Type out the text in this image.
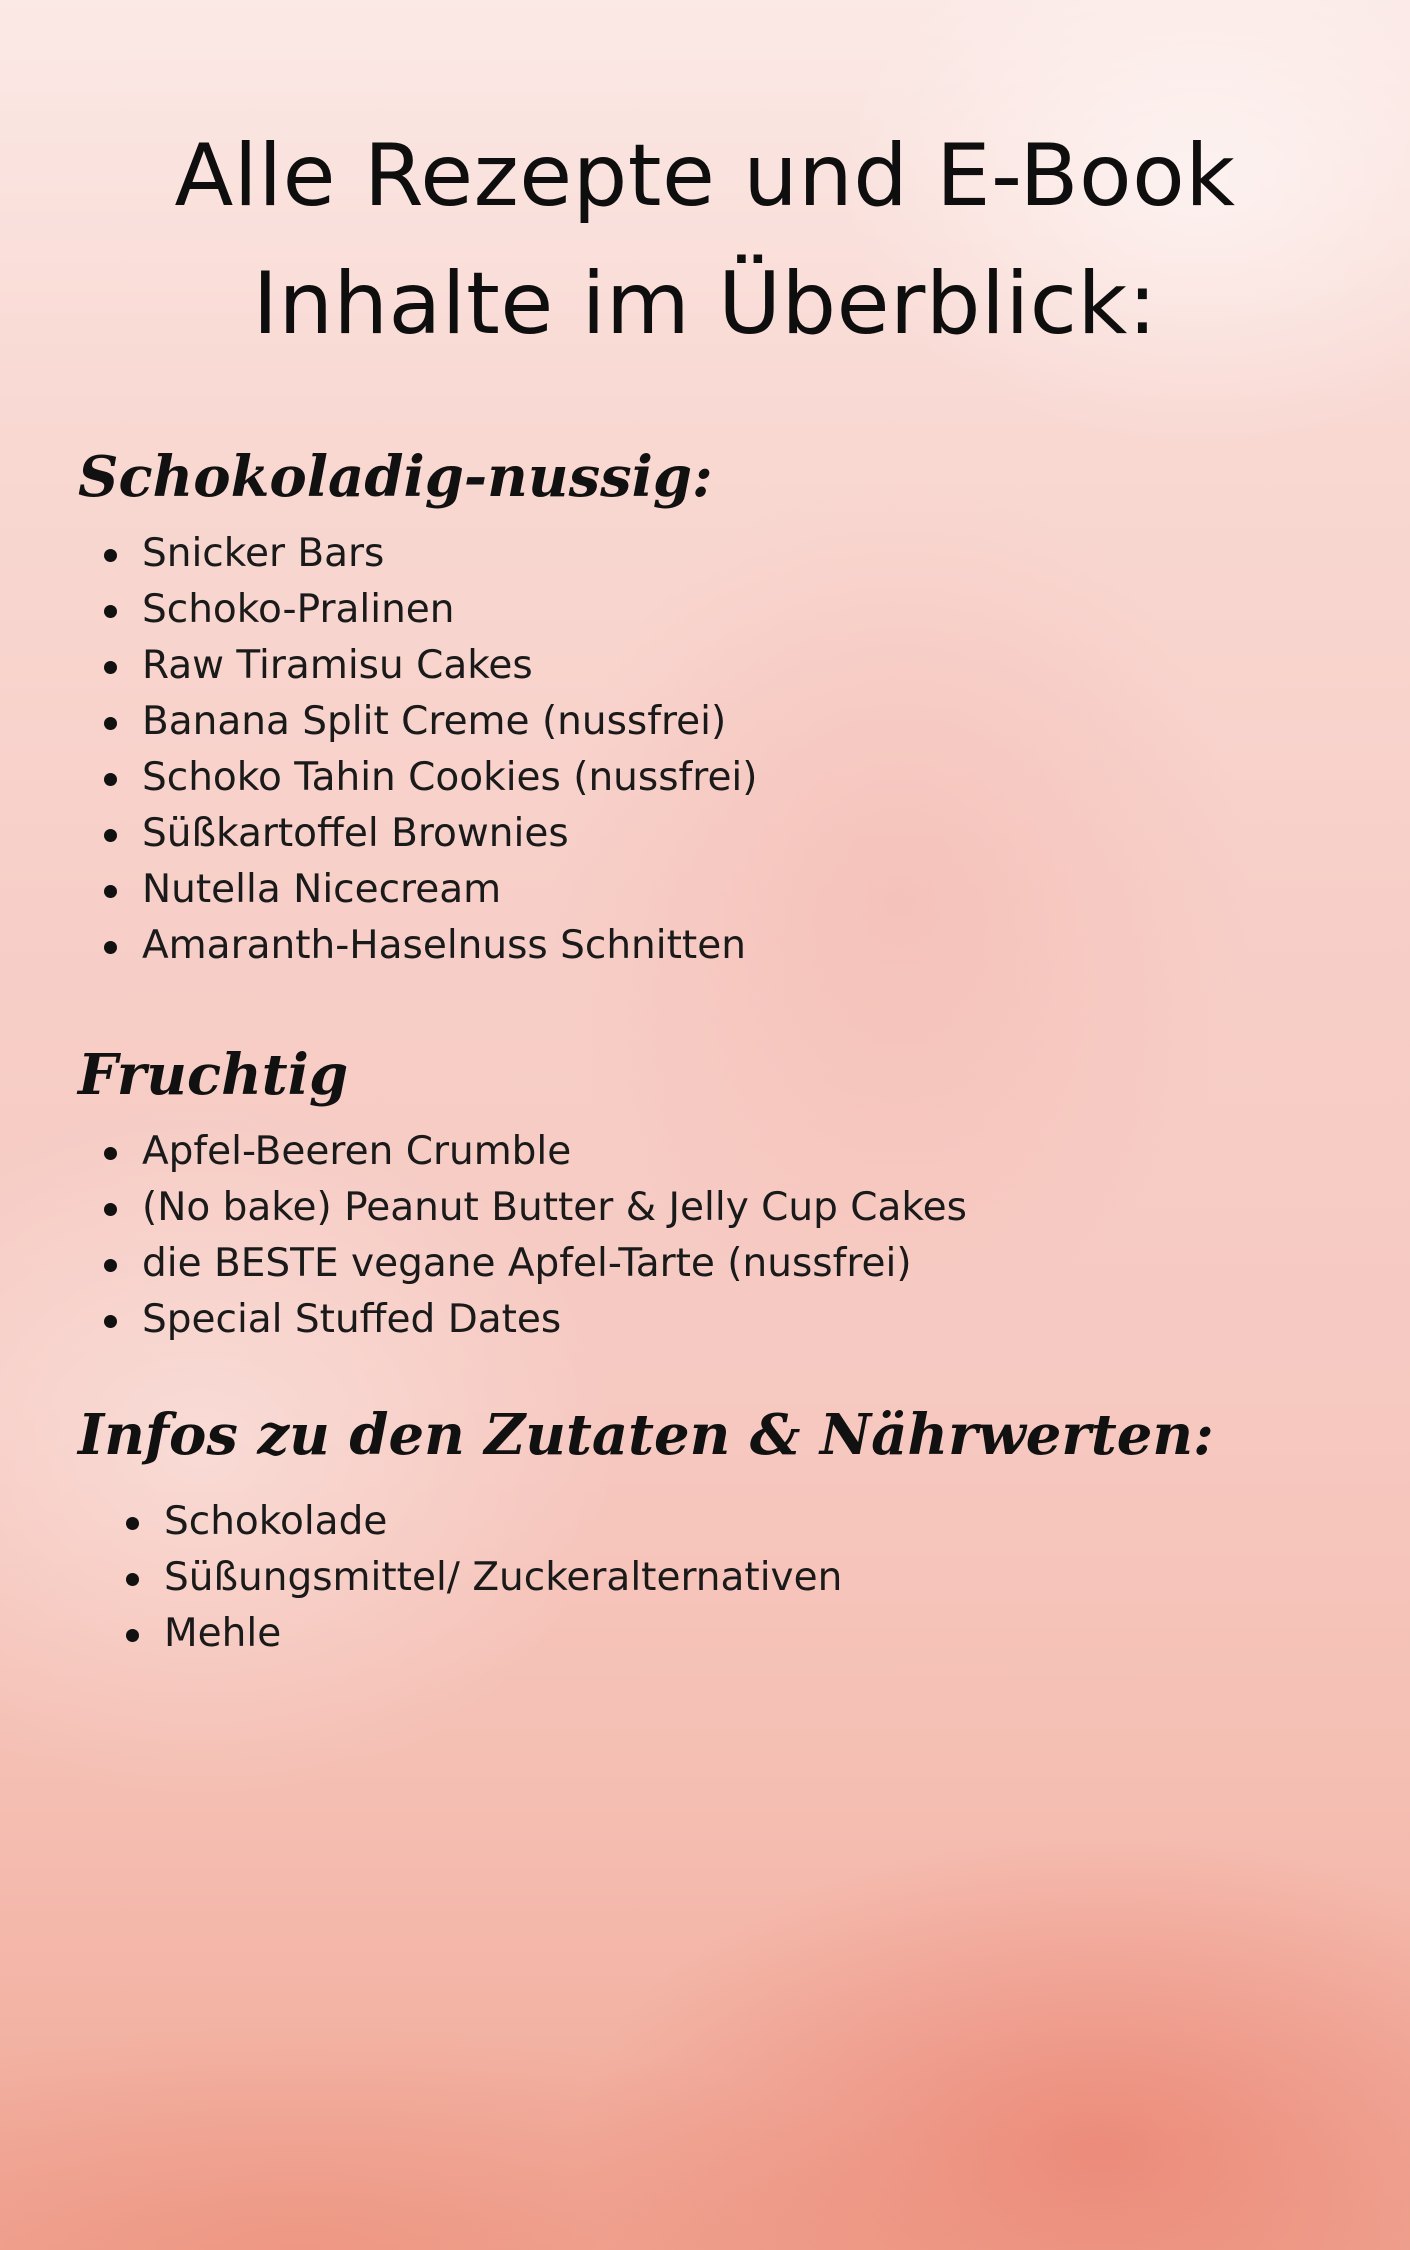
Alle Rezepte und E-Book
Inhalte im Überblick:
Schokoladig-nussig:
Snicker Bars
Schoko-Pralinen
Raw Tiramisu Cakes
Banana Split Creme (nussfrei)
Schoko Tahin Cookies (nussfrei)
Süßkartoffel Brownies
Nutella Nicecream
Amaranth-Haselnuss Schnitten
Fruchtig
Apfel-Beeren Crumble
(No bake) Peanut Butter & Jelly Cup Cakes
die BESTE vegane Apfel-Tarte (nussfrei)
Special Stuffed Dates
Infos zu den Zutaten & Nährwerten:
Schokolade
Süßungsmittel/ Zuckeralternativen
Mehle
